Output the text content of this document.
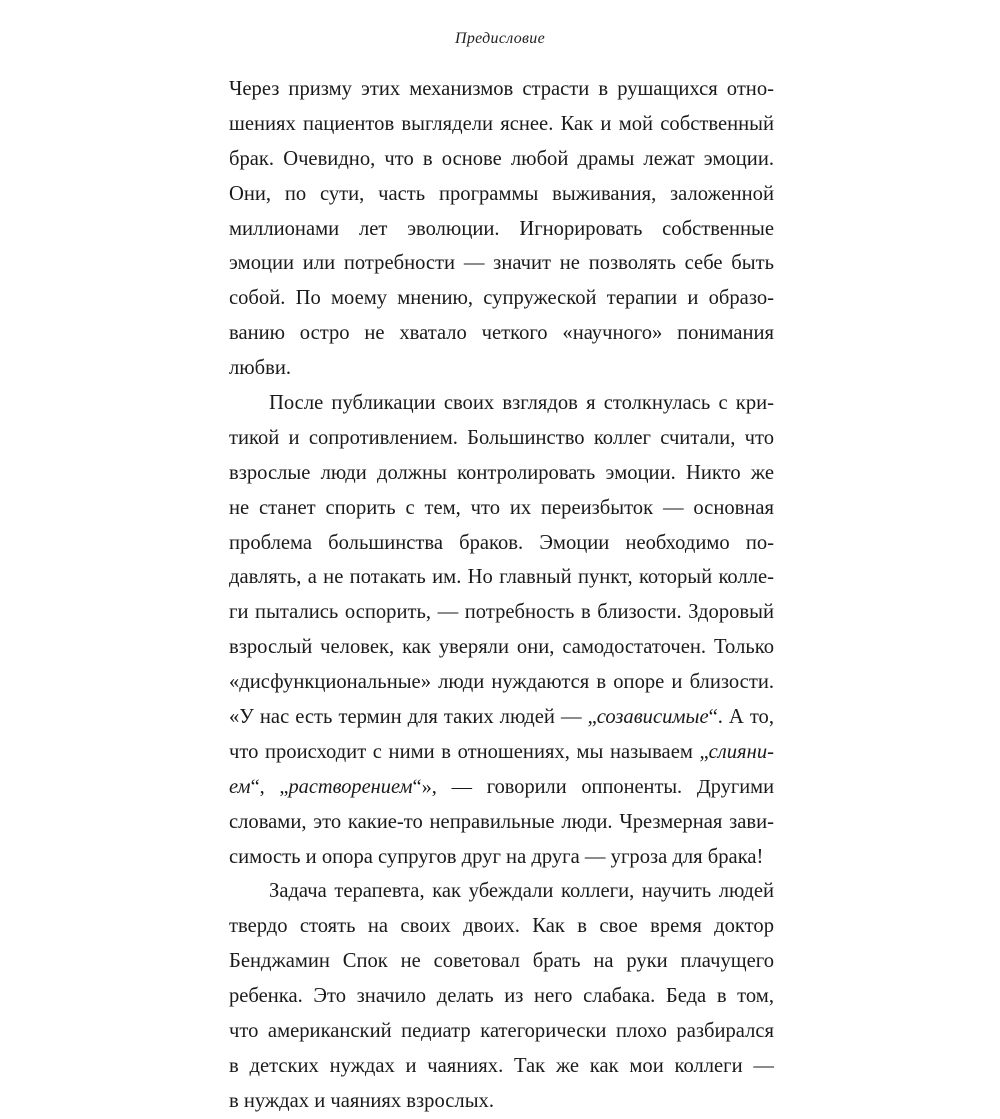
Предисловие
Через призму этих механизмов страсти в рушащихся отно-
шениях пациентов выглядели яснее. Как и мой собственный
брак. Очевидно, что в основе любой драмы лежат эмоции.
Они, по сути, часть программы выживания, заложенной
миллионами лет эволюции. Игнорировать собственные
эмоции или потребности — значит не позволять себе быть
собой. По моему мнению, супружеской терапии и образо-
ванию остро не хватало четкого «научного» понимания
любви.
После публикации своих взглядов я столкнулась с кри-
тикой и сопротивлением. Большинство коллег считали, что
взрослые люди должны контролировать эмоции. Никто же
не станет спорить с тем, что их переизбыток — основная
проблема большинства браков. Эмоции необходимо по-
давлять, а не потакать им. Но главный пункт, который колле-
ги пытались оспорить, — потребность в близости. Здоровый
взрослый человек, как уверяли они, самодостаточен. Только
«дисфункциональные» люди нуждаются в опоре и близости.
«У нас есть термин для таких людей — „созависимые“. А то,
что происходит с ними в отношениях, мы называем „слияни-
ем“, „растворением“», — говорили оппоненты. Другими
словами, это какие-то неправильные люди. Чрезмерная зави-
симость и опора супругов друг на друга — угроза для брака!
Задача терапевта, как убеждали коллеги, научить людей
твердо стоять на своих двоих. Как в свое время доктор
Бенджамин Спок не советовал брать на руки плачущего
ребенка. Это значило делать из него слабака. Беда в том,
что американский педиатр категорически плохо разбирался
в детских нуждах и чаяниях. Так же как мои коллеги —
в нуждах и чаяниях взрослых.
